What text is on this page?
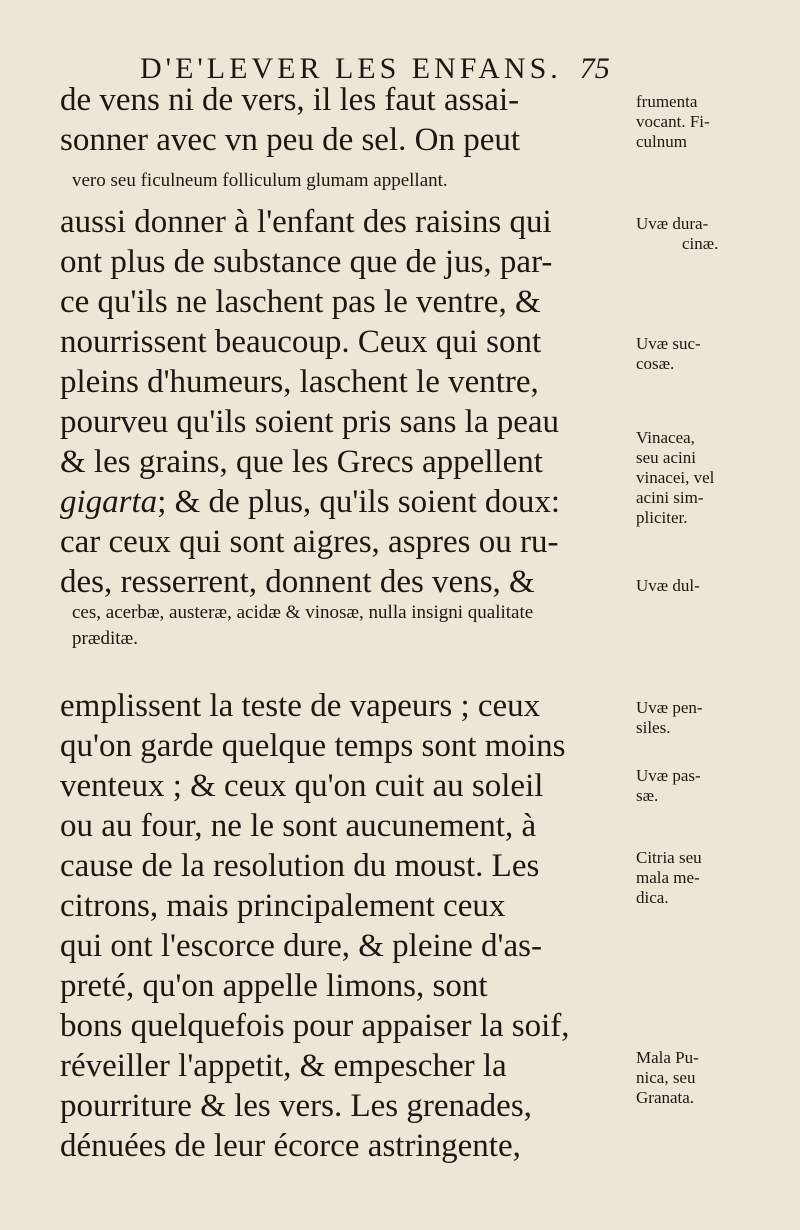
D'E'LEVER LES ENFANS. 75
de vens ni de vers, il les faut assai-
sonner avec vn peu de sel. On peut
vero seu ficulneum folliculum glumam appellant.
aussi donner à l'enfant des raisins qui
ont plus de substance que de jus, par-
ce qu'ils ne laschent pas le ventre, &
nourrissent beaucoup. Ceux qui sont
pleins d'humeurs, laschent le ventre,
pourveu qu'ils soient pris sans la peau
& les grains, que les Grecs appellent
gigarta; & de plus, qu'ils soient doux:
car ceux qui sont aigres, aspres ou ru-
des, resserrent, donnent des vens, &
ces, acerbæ, austeræ, acidæ & vinosæ, nulla insigni qualitate
præditæ.
emplissent la teste de vapeurs ; ceux
qu'on garde quelque temps sont moins
venteux ; & ceux qu'on cuit au soleil
ou au four, ne le sont aucunement, à
cause de la resolution du moust. Les
citrons, mais principalement ceux
qui ont l'escorce dure, & pleine d'as-
preté, qu'on appelle limons, sont
bons quelquefois pour appaiser la soif,
réveiller l'appetit, & empescher la
pourriture & les vers. Les grenades,
dénuées de leur écorce astringente,
frumenta
vocant. Fi-
culnum
Uvæ dura-
cinæ.
Uvæ suc-
cosæ.
Vinacea,
seu acini
vinacei, vel
acini sim-
pliciter.
Uvæ dul-
Uvæ pen-
siles.
Uvæ pas-
sæ.
Citria seu
mala me-
dica.
Mala Pu-
nica, seu
Granata.
